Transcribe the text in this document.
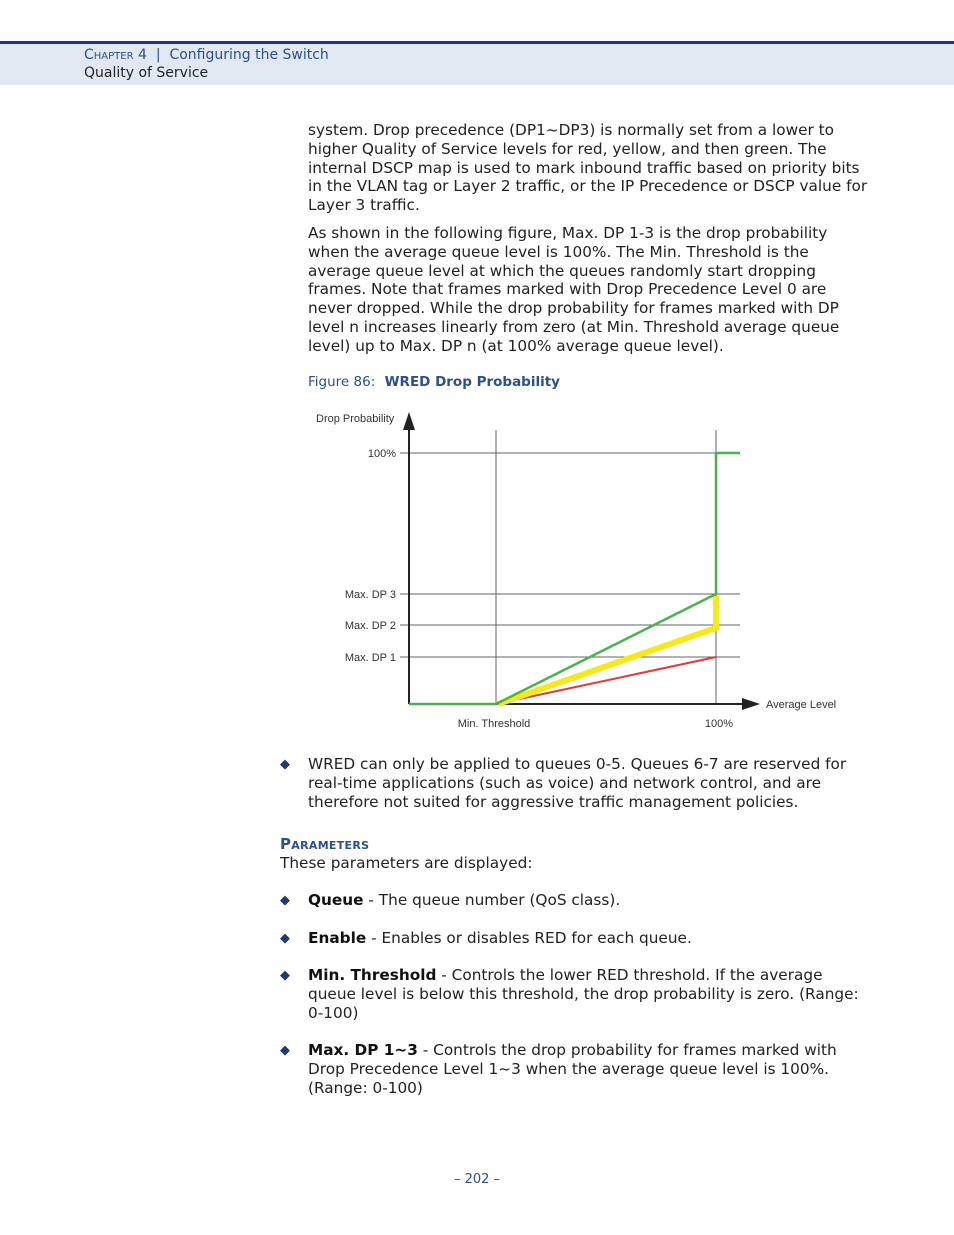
Chapter 4 | Configuring the Switch
Quality of Service

system. Drop precedence (DP1~DP3) is normally set from a lower to higher Quality of Service levels for red, yellow, and then green. The internal DSCP map is used to mark inbound traffic based on priority bits in the VLAN tag or Layer 2 traffic, or the IP Precedence or DSCP value for Layer 3 traffic.

As shown in the following figure, Max. DP 1-3 is the drop probability when the average queue level is 100%. The Min. Threshold is the average queue level at which the queues randomly start dropping frames. Note that frames marked with Drop Precedence Level 0 are never dropped. While the drop probability for frames marked with DP level n increases linearly from zero (at Min. Threshold average queue level) up to Max. DP n (at 100% average queue level).

Figure 86: WRED Drop Probability
Drop Probability
100%
Max. DP 3
Max. DP 2
Max. DP 1
Min. Threshold	100%
Average Level
◆	WRED can only be applied to queues 0-5. Queues 6-7 are reserved for real-time applications (such as voice) and network control, and are therefore not suited for aggressive traffic management policies.

Parameters
These parameters are displayed:
◆	Queue - The queue number (QoS class).

◆	Enable - Enables or disables RED for each queue.

◆	Min. Threshold - Controls the lower RED threshold. If the average queue level is below this threshold, the drop probability is zero. (Range: 0-100)

◆	Max. DP 1~3 - Controls the drop probability for frames marked with Drop Precedence Level 1~3 when the average queue level is 100%. (Range: 0-100)

– 202 –
